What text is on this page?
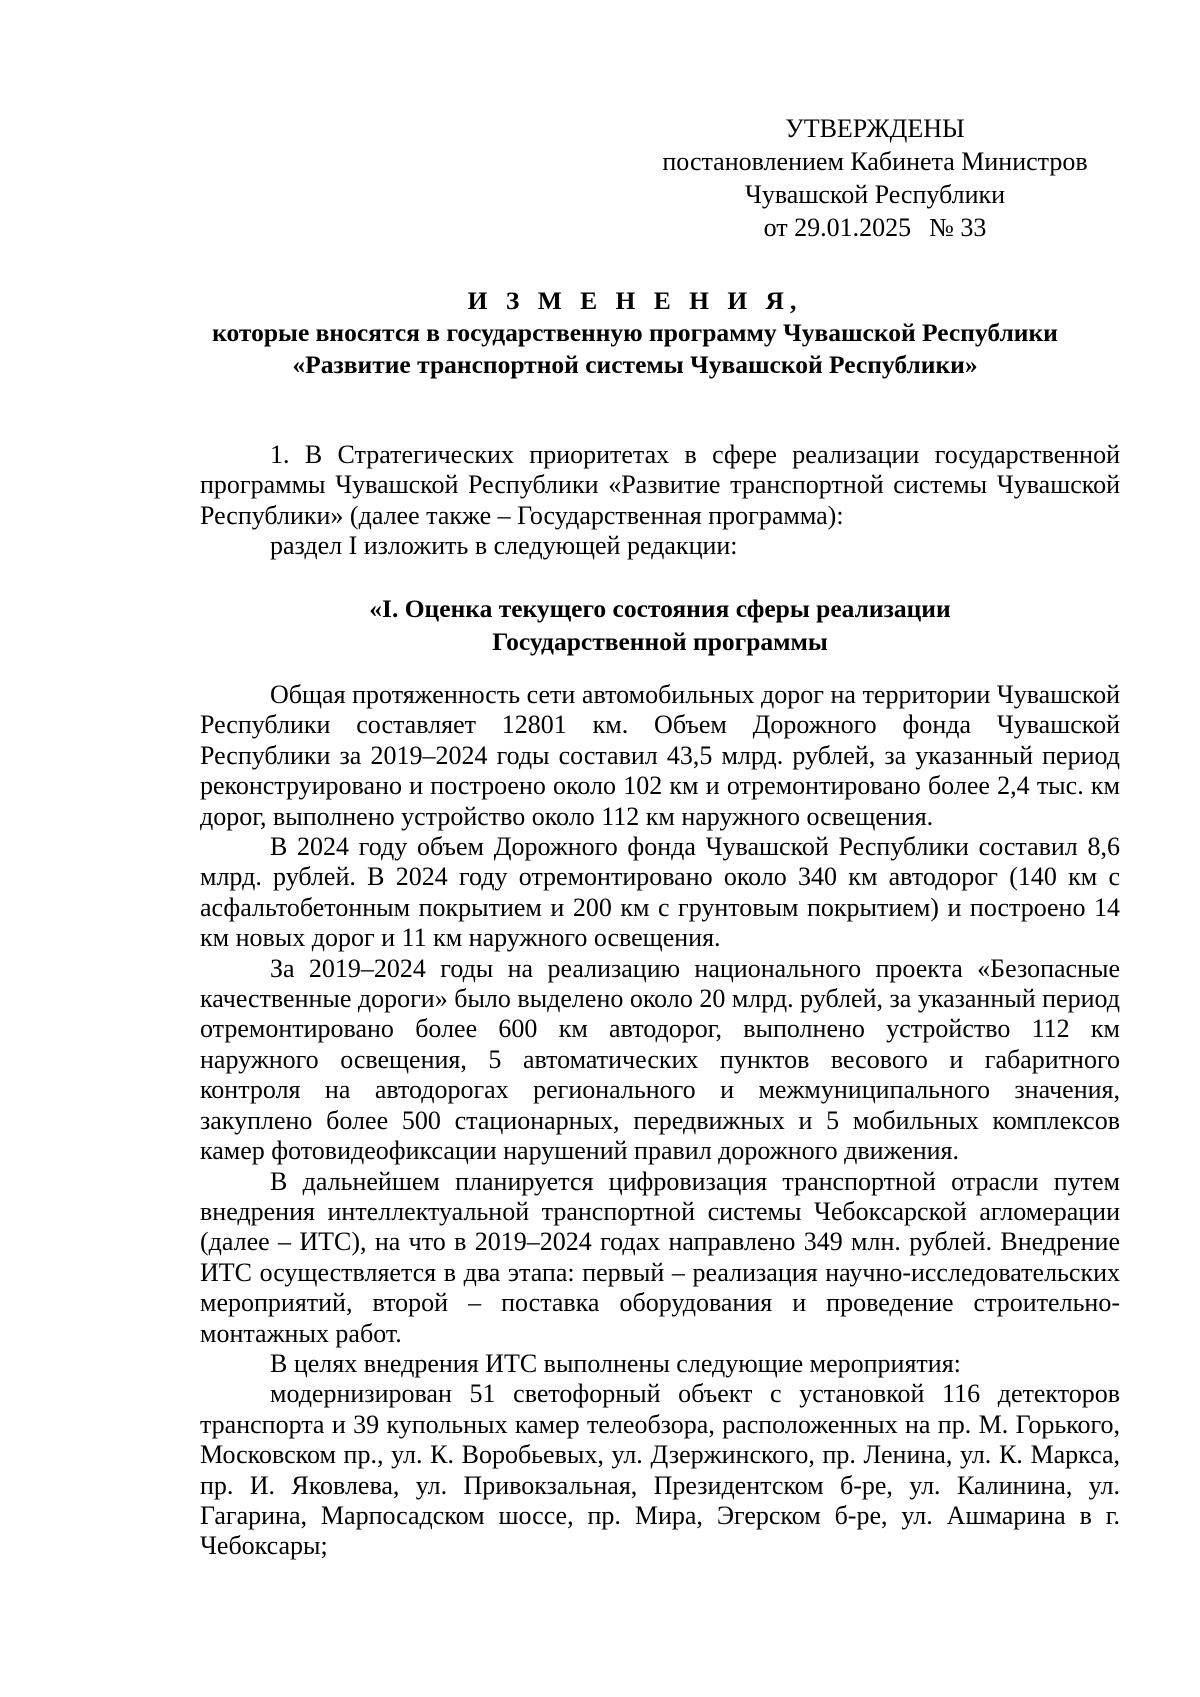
УТВЕРЖДЕНЫ
постановлением Кабинета Министров
Чувашской Республики
от 29.01.2025 № 33
И З М Е Н Е Н И Я,
которые вносятся в государственную программу Чувашской Республики
«Развитие транспортной системы Чувашской Республики»

1. В Стратегических приоритетах в сфере реализации государственной программы Чувашской Республики «Развитие транспортной системы Чувашской Республики» (далее также – Государственная программа):

раздел I изложить в следующей редакции:

«I. Оценка текущего состояния сферы реализации
Государственной программы

Общая протяженность сети автомобильных дорог на территории Чувашской Республики составляет 12801 км. Объем Дорожного фонда Чувашской Республики за 2019–2024 годы составил 43,5 млрд. рублей, за указанный период реконструировано и построено около 102 км и отремонтировано более 2,4 тыс. км дорог, выполнено устройство около 112 км наружного освещения.

В 2024 году объем Дорожного фонда Чувашской Республики составил 8,6 млрд. рублей. В 2024 году отремонтировано около 340 км автодорог (140 км с асфальтобетонным покрытием и 200 км с грунтовым покрытием) и построено 14 км новых дорог и 11 км наружного освещения.

За 2019–2024 годы на реализацию национального проекта «Безопасные качественные дороги» было выделено около 20 млрд. рублей, за указанный период отремонтировано более 600 км автодорог, выполнено устройство 112 км наружного освещения, 5 автоматических пунктов весового и габаритного контроля на автодорогах регионального и межмуниципального значения, закуплено более 500 стационарных, передвижных и 5 мобильных комплексов камер фотовидеофиксации нарушений правил дорожного движения.

В дальнейшем планируется цифровизация транспортной отрасли путем внедрения интеллектуальной транспортной системы Чебоксарской агломерации (далее – ИТС), на что в 2019–2024 годах направлено 349 млн. рублей. Внедрение ИТС осуществляется в два этапа: первый – реализация научно-исследовательских мероприятий, второй – поставка оборудования и проведение строительно-монтажных работ.

В целях внедрения ИТС выполнены следующие мероприятия:

модернизирован 51 светофорный объект с установкой 116 детекторов транспорта и 39 купольных камер телеобзора, расположенных на пр. М. Горького, Московском пр., ул. К. Воробьевых, ул. Дзержинского, пр. Ленина, ул. К. Маркса, пр. И. Яковлева, ул. Привокзальная, Президентском б-ре, ул. Калинина, ул. Гагарина, Марпосадском шоссе, пр. Мира, Эгерском б-ре, ул. Ашмарина в г. Чебоксары;
